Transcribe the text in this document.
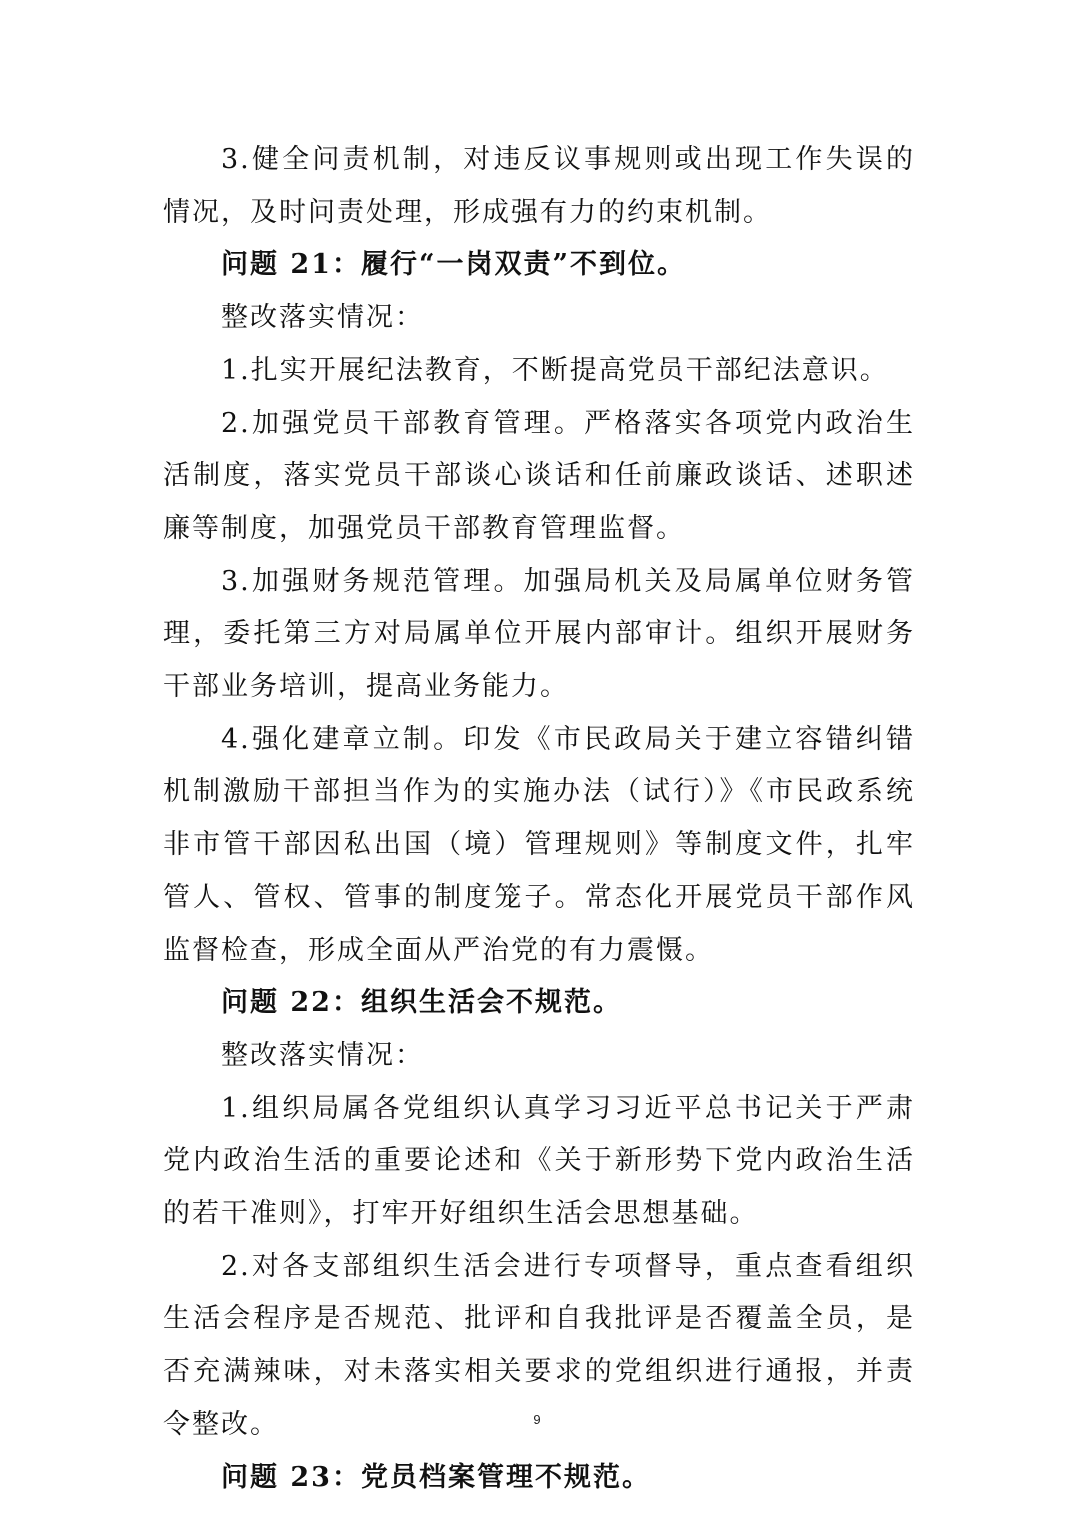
3.健全问责机制，对违反议事规则或出现工作失误的情况，及时问责处理，形成强有力的约束机制。

问题 21：履行“一岗双责”不到位。

整改落实情况：

1.扎实开展纪法教育，不断提高党员干部纪法意识。

2.加强党员干部教育管理。严格落实各项党内政治生活制度，落实党员干部谈心谈话和任前廉政谈话、述职述廉等制度，加强党员干部教育管理监督。

3.加强财务规范管理。加强局机关及局属单位财务管理，委托第三方对局属单位开展内部审计。组织开展财务干部业务培训，提高业务能力。

4.强化建章立制。印发《市民政局关于建立容错纠错机制激励干部担当作为的实施办法（试行）》《市民政系统非市管干部因私出国（境）管理规则》等制度文件，扎牢管人、管权、管事的制度笼子。常态化开展党员干部作风监督检查，形成全面从严治党的有力震慑。

问题 22：组织生活会不规范。

整改落实情况：

1.组织局属各党组织认真学习习近平总书记关于严肃党内政治生活的重要论述和《关于新形势下党内政治生活的若干准则》，打牢开好组织生活会思想基础。

2.对各支部组织生活会进行专项督导，重点查看组织生活会程序是否规范、批评和自我批评是否覆盖全员，是否充满辣味，对未落实相关要求的党组织进行通报，并责令整改。

问题 23：党员档案管理不规范。

9
